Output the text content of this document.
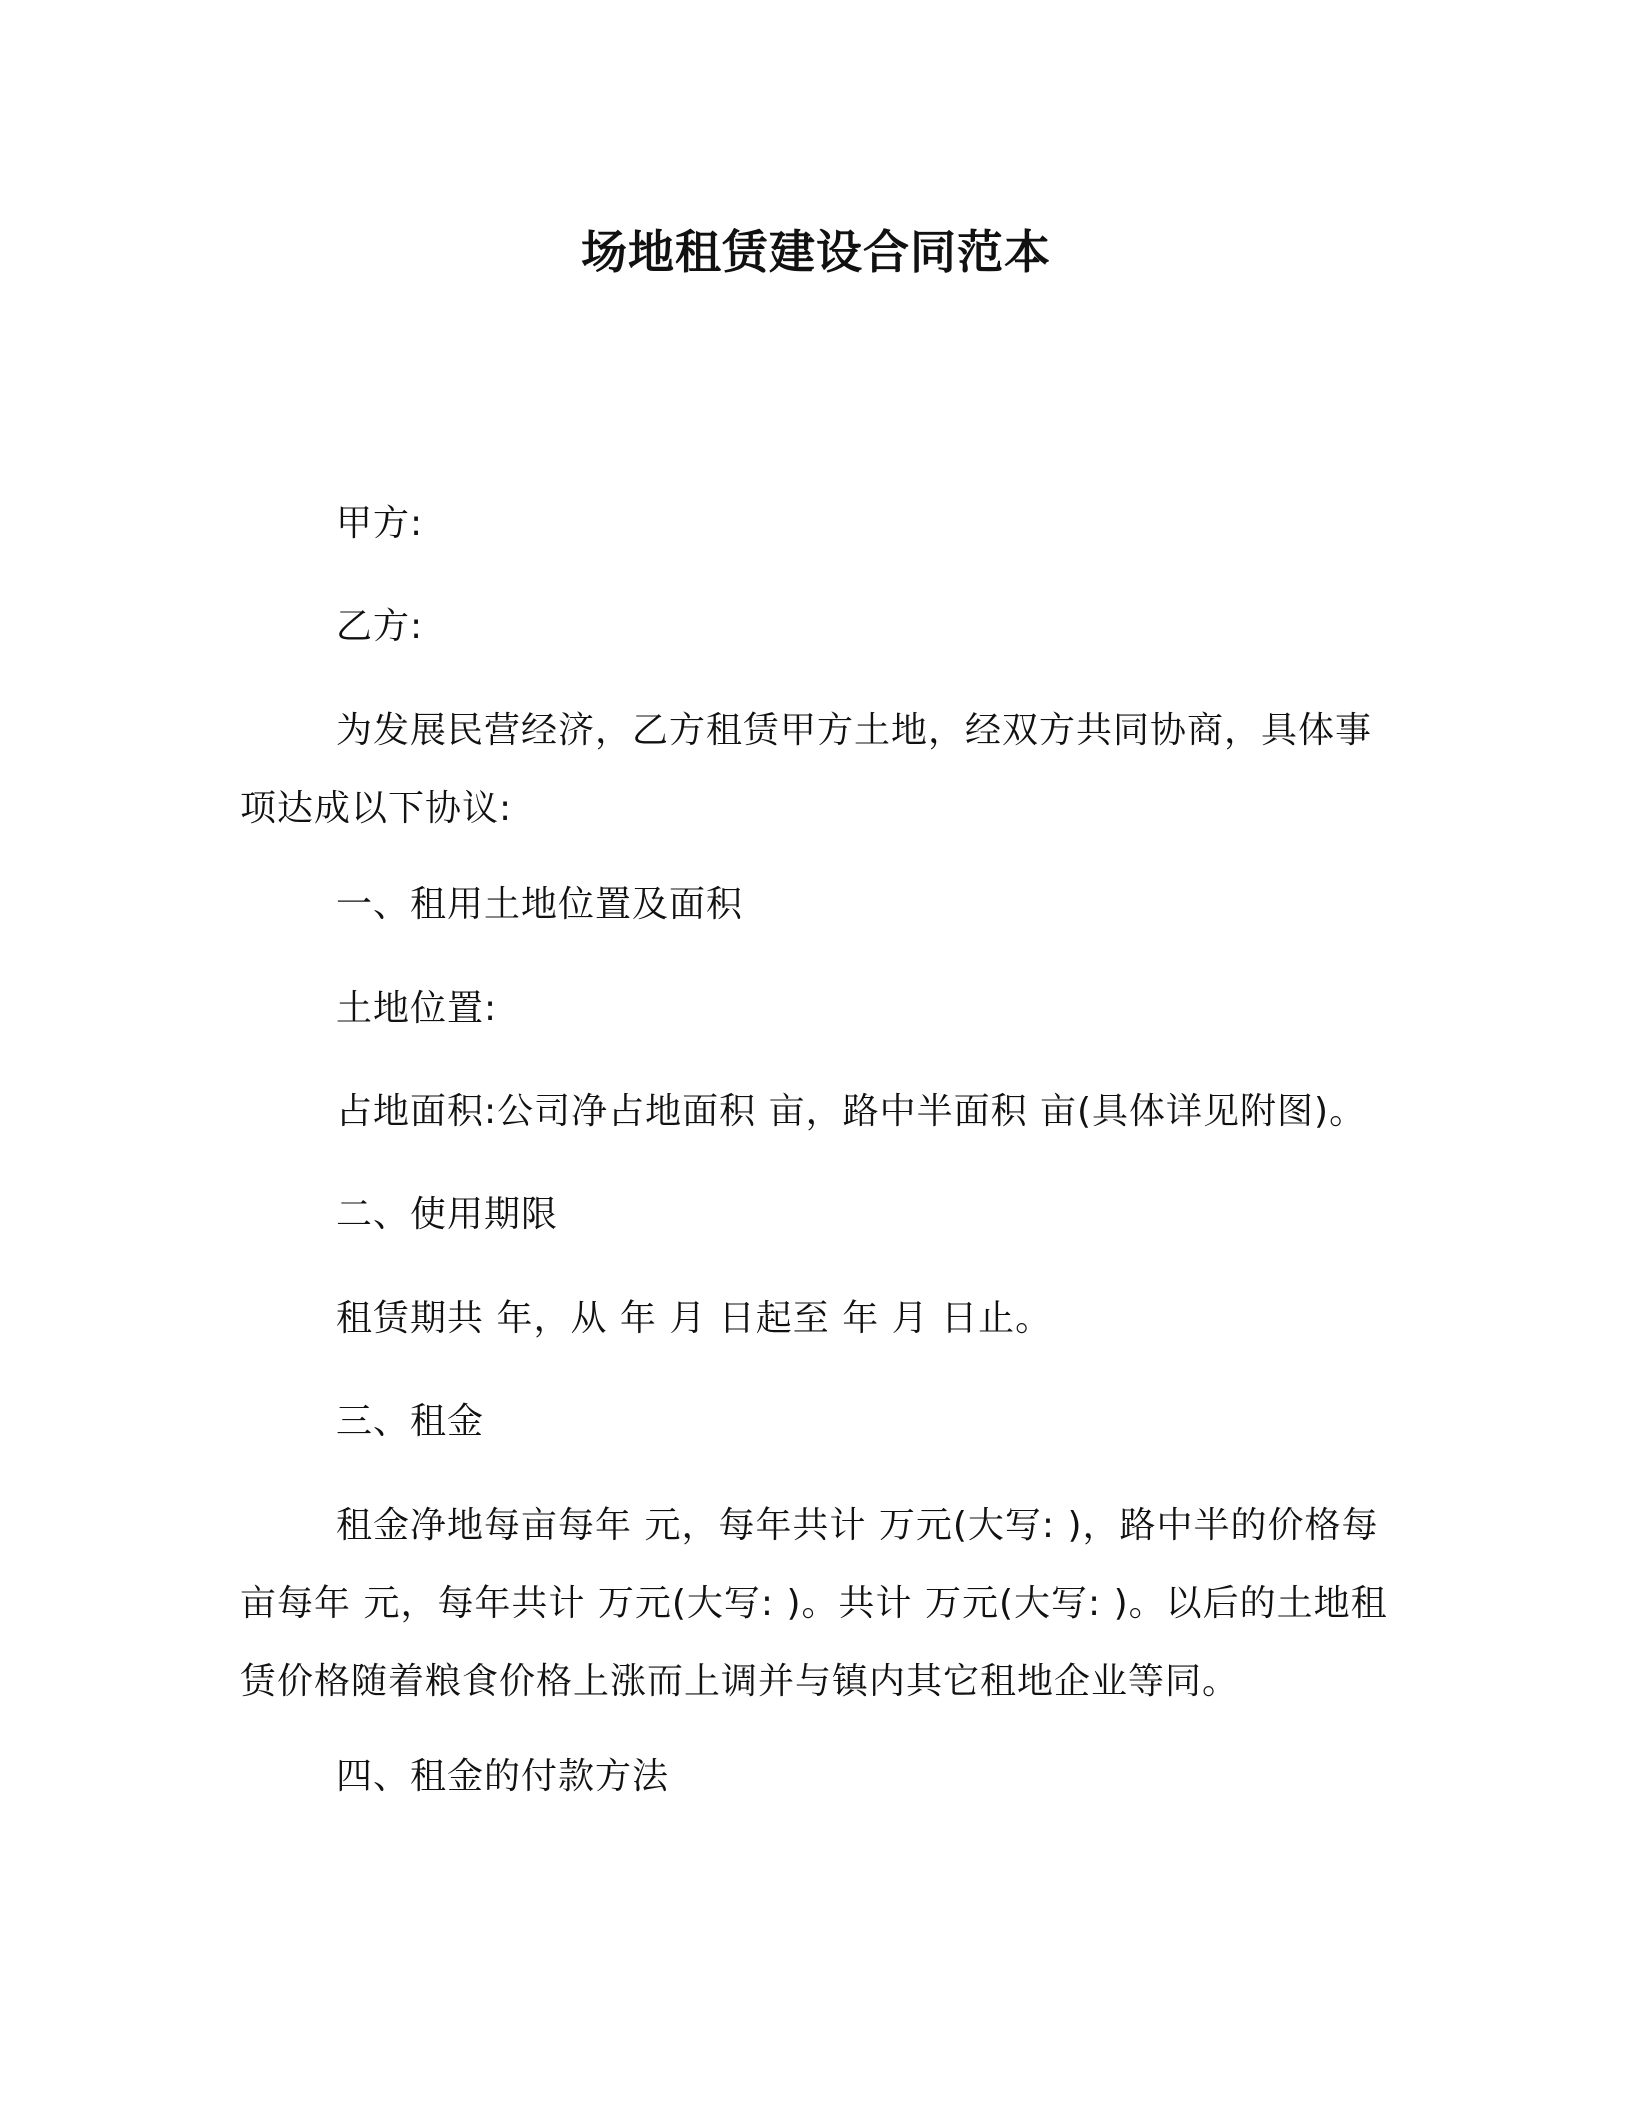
场地租赁建设合同范本

甲方:

乙方:

为发展民营经济，乙方租赁甲方土地，经双方共同协商，具体事项达成以下协议:

一、租用土地位置及面积

土地位置:

占地面积:公司净占地面积 亩，路中半面积 亩(具体详见附图)。

二、使用期限

租赁期共 年，从 年 月 日起至 年 月 日止。

三、租金

租金净地每亩每年 元，每年共计 万元(大写: )，路中半的价格每亩每年 元，每年共计 万元(大写: )。共计 万元(大写: )。以后的土地租赁价格随着粮食价格上涨而上调并与镇内其它租地企业等同。

四、租金的付款方法
